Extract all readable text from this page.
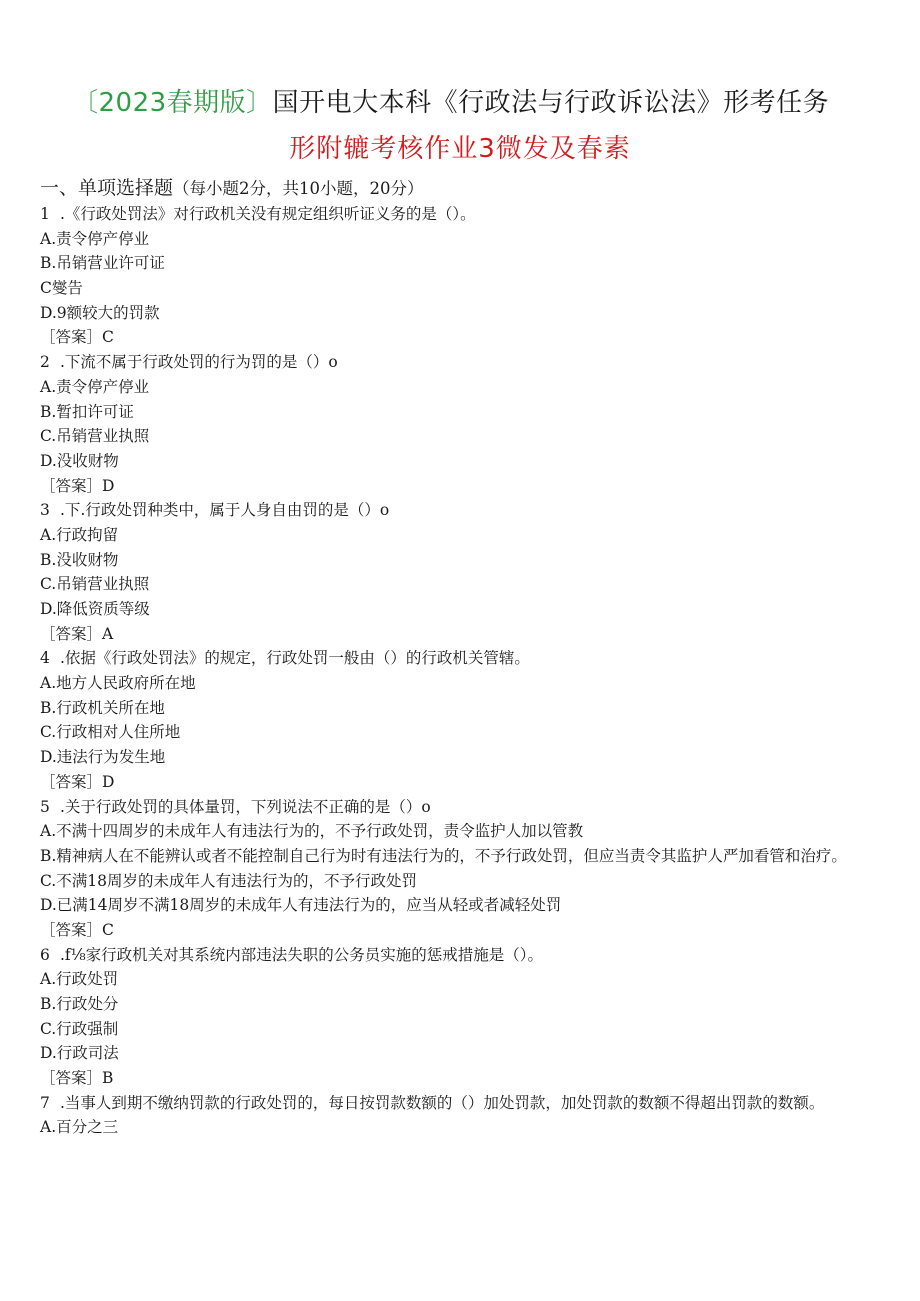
〔2023春期版〕国开电大本科《行政法与行政诉讼法》形考任务
形附辘考核作业3微发及春素
一、单项选择题（每小题2分，共10小题，20分）
1 .《行政处罚法》对行政机关没有规定组织听证义务的是（）。
A.责令停产停业
B.吊销营业许可证
C燮告
D.9额较大的罚款
［答案］C
2 .下流不属于行政处罚的行为罚的是（）o
A.责令停产停业
B.暂扣许可证
C.吊销营业执照
D.没收财物
［答案］D
3 .下.行政处罚种类中，属于人身自由罚的是（）o
A.行政拘留
B.没收财物
C.吊销营业执照
D.降低资质等级
［答案］A
4 .依据《行政处罚法》的规定，行政处罚一般由（）的行政机关管辖。
A.地方人民政府所在地
B.行政机关所在地
C.行政相对人住所地
D.违法行为发生地
［答案］D
5 .关于行政处罚的具体量罚，下列说法不正确的是（）o
A.不满十四周岁的未成年人有违法行为的，不予行政处罚，责令监护人加以管教
B.精神病人在不能辨认或者不能控制自己行为时有违法行为的，不予行政处罚，但应当责令其监护人严加看管和治疗。
C.不满18周岁的未成年人有违法行为的，不予行政处罚
D.已满14周岁不满18周岁的未成年人有违法行为的，应当从轻或者减轻处罚
［答案］C
6 .f⅛家行政机关对其系统内部违法失职的公务员实施的惩戒措施是（）。
A.行政处罚
B.行政处分
C.行政强制
D.行政司法
［答案］B
7 .当事人到期不缴纳罚款的行政处罚的，每日按罚款数额的（）加处罚款，加处罚款的数额不得超出罚款的数额。
A.百分之三
